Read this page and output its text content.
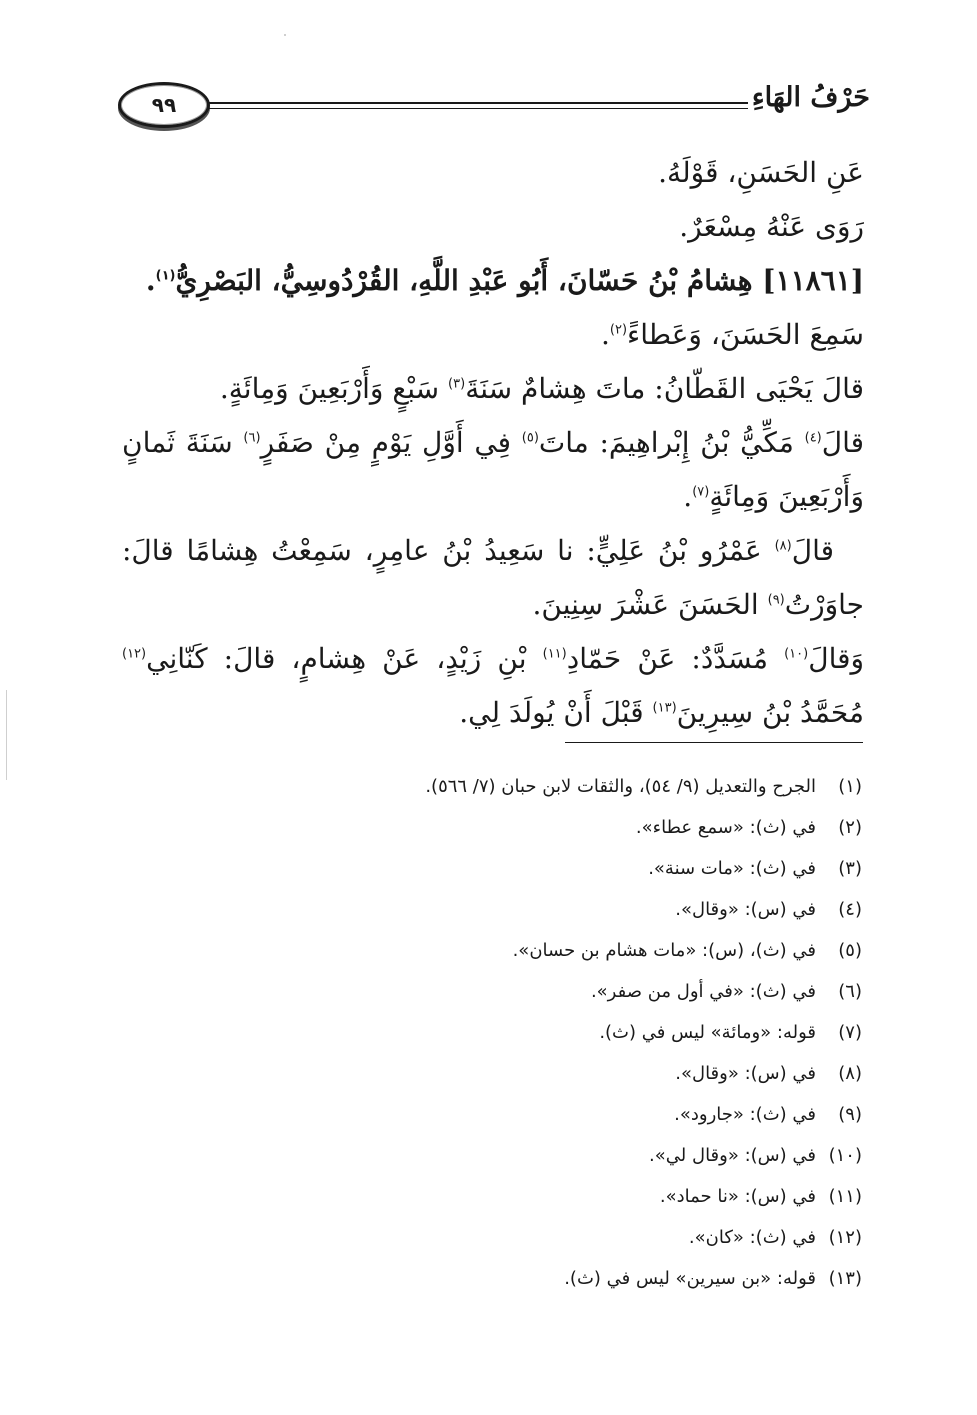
٩٩	حَرْفُ الهَاءِ

عَنِ الحَسَنِ، قَوْلَهُ.

رَوَى عَنْهُ مِسْعَرٌ.

[١١٨٦١] هِشامُ بْنُ حَسّانَ، أَبُو عَبْدِ اللَّهِ، القُرْدُوسِيُّ، البَصْرِيُّ$^{(١)}$.

سَمِعَ الحَسَنَ، وَعَطاءً$^{(٢)}$.

قالَ يَحْيَى القَطّانُ: ماتَ هِشامٌ سَنَةَ$^{(٣)}$ سَبْعٍ وَأَرْبَعِينَ وَمِائَةٍ.

قالَ$^{(٤)}$ مَكِّيُّ بْنُ إِبْراهِيمَ: ماتَ$^{(٥)}$ فِي أَوَّلِ يَوْمٍ مِنْ صَفَرٍ$^{(٦)}$ سَنَةَ ثَمانٍ وَأَرْبَعِينَ وَمِائَةٍ$^{(٧)}$.

قالَ$^{(٨)}$ عَمْرُو بْنُ عَلِيٍّ: نا سَعِيدُ بْنُ عامِرٍ، سَمِعْتُ هِشامًا قالَ: جاوَرْتُ$^{(٩)}$ الحَسَنَ عَشْرَ سِنِينَ.

وَقالَ$^{(١٠)}$ مُسَدَّدٌ: عَنْ حَمّادِ$^{(١١)}$ بْنِ زَيْدٍ، عَنْ هِشامٍ، قالَ: كَنّانِي$^{(١٢)}$ مُحَمَّدُ بْنُ سِيرِينَ$^{(١٣)}$ قَبْلَ أَنْ يُولَدَ لِي.

(١)الجرح والتعديل (٩/ ٥٤)، والثقات لابن حبان (٧/ ٥٦٦).
(٢)في (ث): «سمع عطاء».
(٣)في (ث): «مات سنة».
(٤)في (س): «وقال».
(٥)في (ث)، (س): «مات هشام بن حسان».
(٦)في (ث): «في أول من صفر».
(٧)قوله: «ومائة» ليس في (ث).
(٨)في (س): «وقال».
(٩)في (ث): «جارود».
(١٠)في (س): «وقال لي».
(١١)في (س): «نا حماد».
(١٢)في (ث): «كان».
(١٣)قوله: «بن سيرين» ليس في (ث).
